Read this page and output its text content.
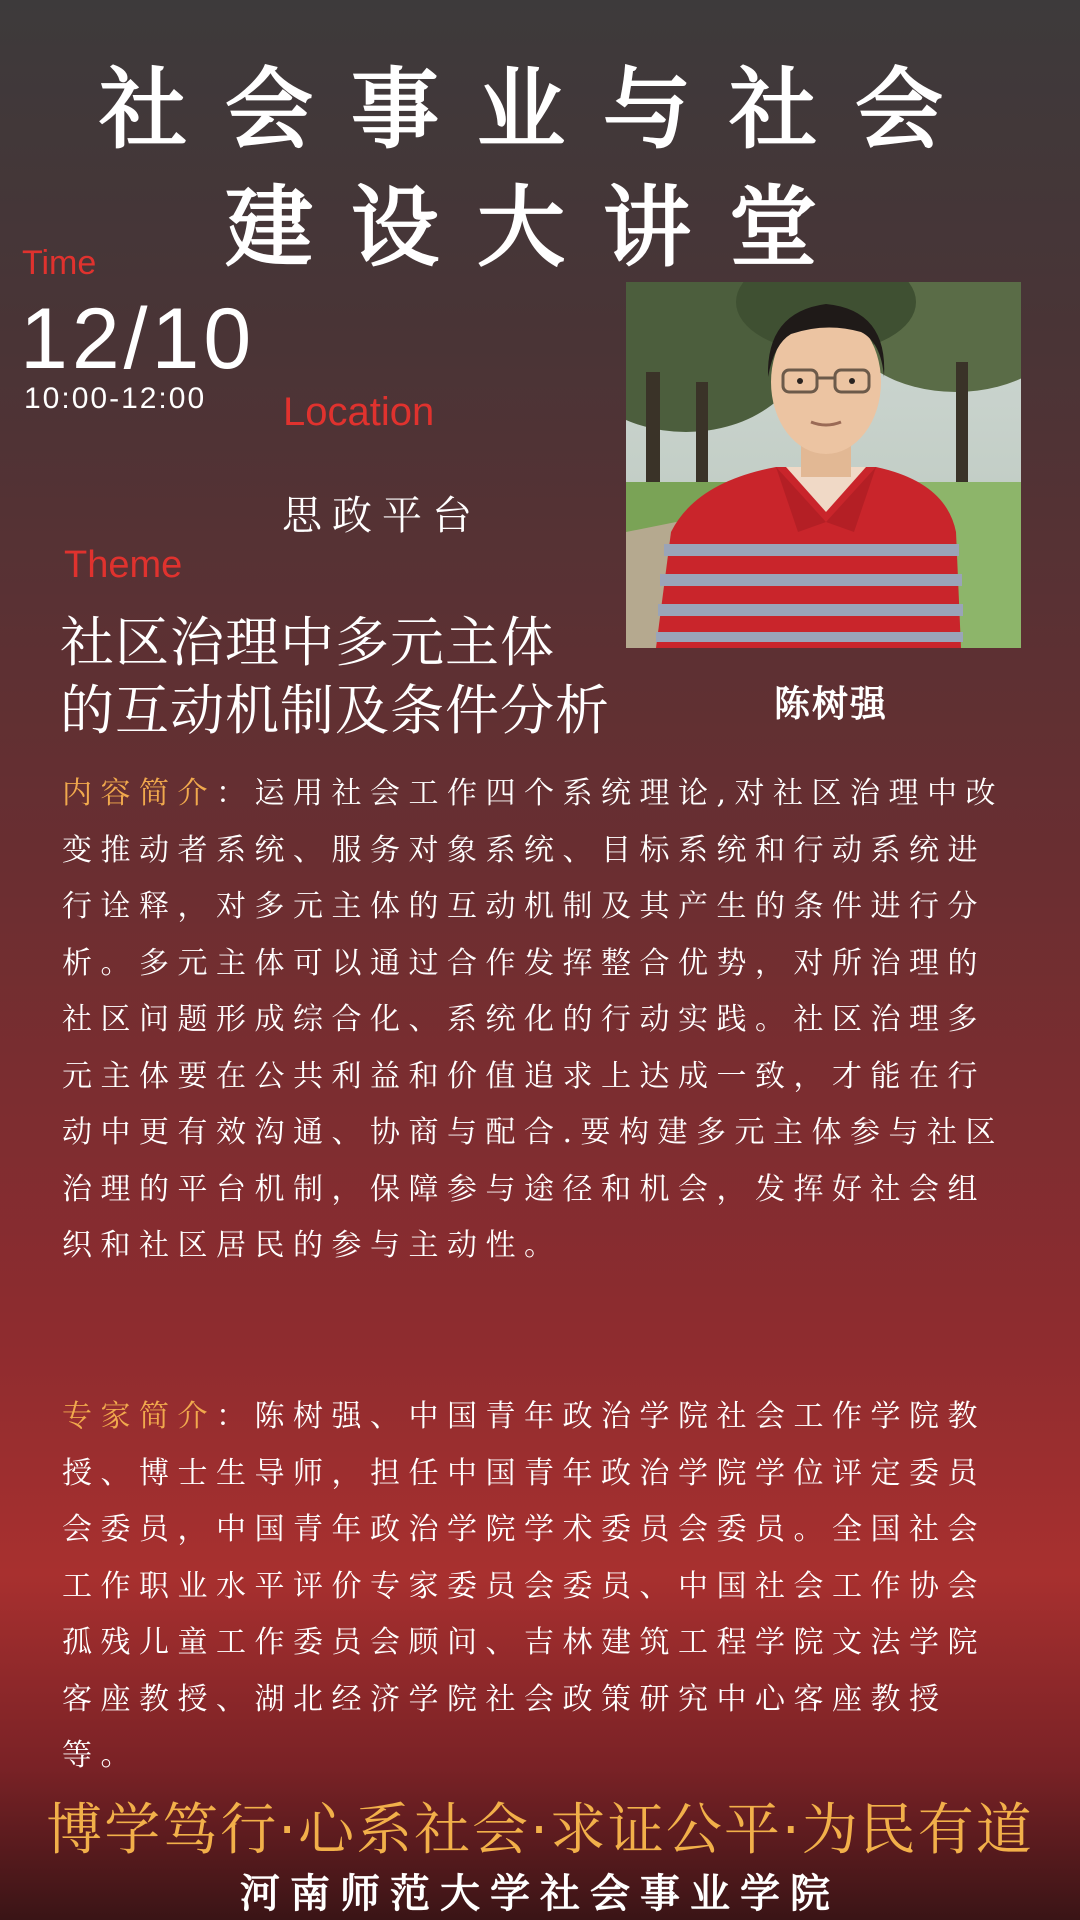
社会事业与社会
建设大讲堂
Time
12/10
10:00-12:00 Location
思政平台
Theme
社区治理中多元主体
的互动机制及条件分析	陈树强
内容简介：运用社会工作四个系统理论,对社区治理中改变推动者系统、服务对象系统、目标系统和行动系统进行诠释，对多元主体的互动机制及其产生的条件进行分析。多元主体可以通过合作发挥整合优势，对所治理的社区问题形成综合化、系统化的行动实践。社区治理多元主体要在公共利益和价值追求上达成一致，才能在行动中更有效沟通、协商与配合.要构建多元主体参与社区治理的平台机制，保障参与途径和机会，发挥好社会组织和社区居民的参与主动性。
专家简介：陈树强、中国青年政治学院社会工作学院教授、博士生导师，担任中国青年政治学院学位评定委员会委员，中国青年政治学院学术委员会委员。全国社会工作职业水平评价专家委员会委员、中国社会工作协会孤残儿童工作委员会顾问、吉林建筑工程学院文法学院客座教授、湖北经济学院社会政策研究中心客座教授等。
博学笃行·心系社会·求证公平·为民有道
河南师范大学社会事业学院
